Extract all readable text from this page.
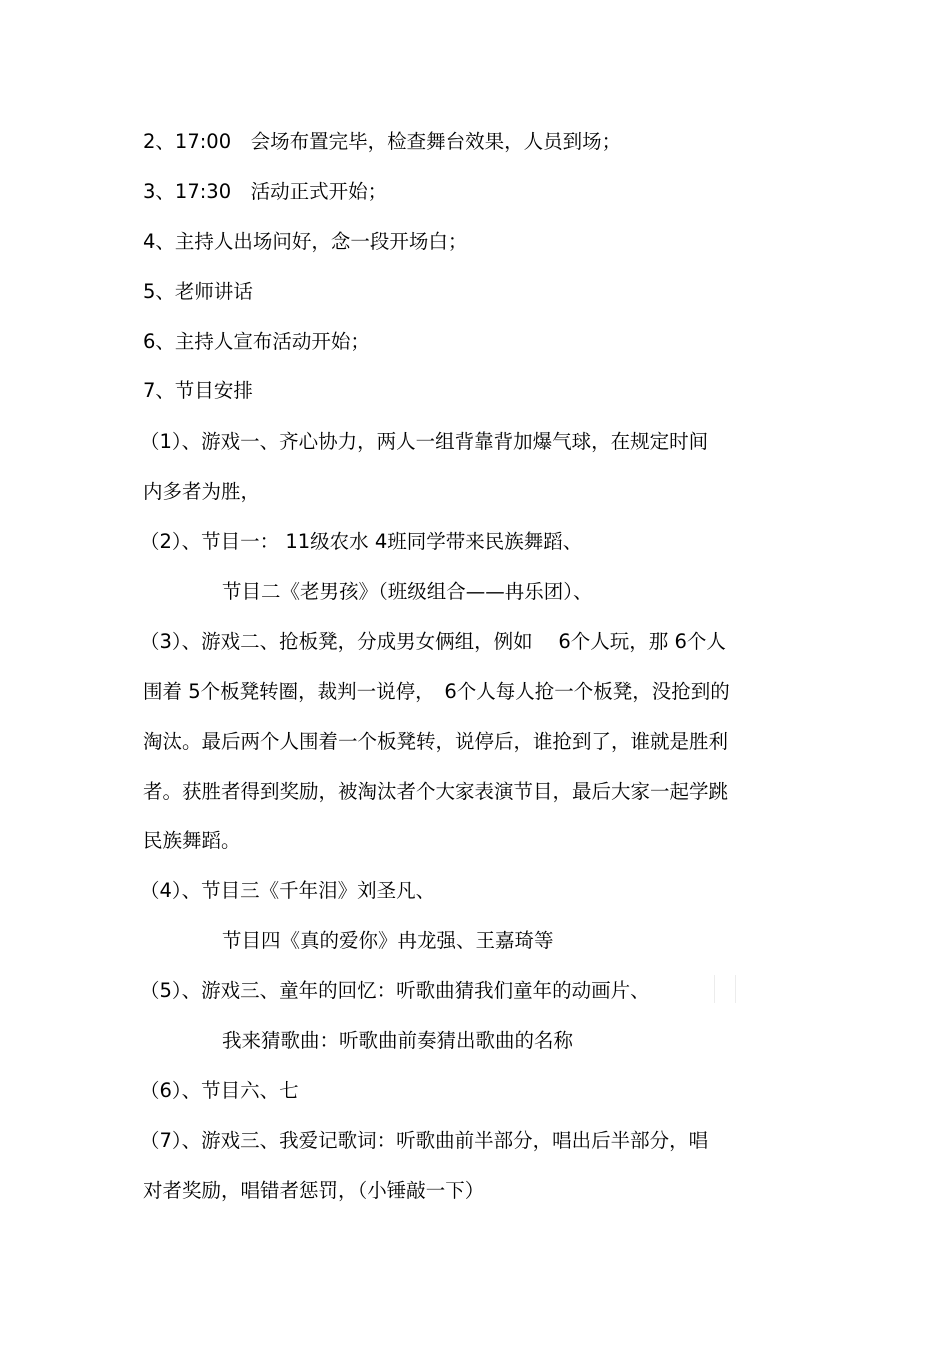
2、17:00　会场布置完毕，检查舞台效果，人员到场；
3、17:30　活动正式开始；
4、主持人出场问好，念一段开场白；
5、老师讲话
6、主持人宣布活动开始；
7、节目安排
（1）、游戏一、齐心协力，两人一组背靠背加爆气球，在规定时间
内多者为胜，
（2）、节目一： 11级农水 4班同学带来民族舞蹈、
节目二《老男孩》（班级组合——冉乐团）、
（3）、游戏二、抢板凳，分成男女俩组，例如　 6个人玩，那 6个人
围着 5个板凳转圈，裁判一说停，　6个人每人抢一个板凳，没抢到的
淘汰。最后两个人围着一个板凳转，说停后，谁抢到了，谁就是胜利
者。获胜者得到奖励，被淘汰者个大家表演节目，最后大家一起学跳
民族舞蹈。
（4）、节目三《千年泪》刘圣凡、
节目四《真的爱你》冉龙强、王嘉琦等
（5）、游戏三、童年的回忆：听歌曲猜我们童年的动画片、
我来猜歌曲：听歌曲前奏猜出歌曲的名称
（6）、节目六、七
（7）、游戏三、我爱记歌词：听歌曲前半部分，唱出后半部分，唱
对者奖励，唱错者惩罚，（小锤敲一下）
